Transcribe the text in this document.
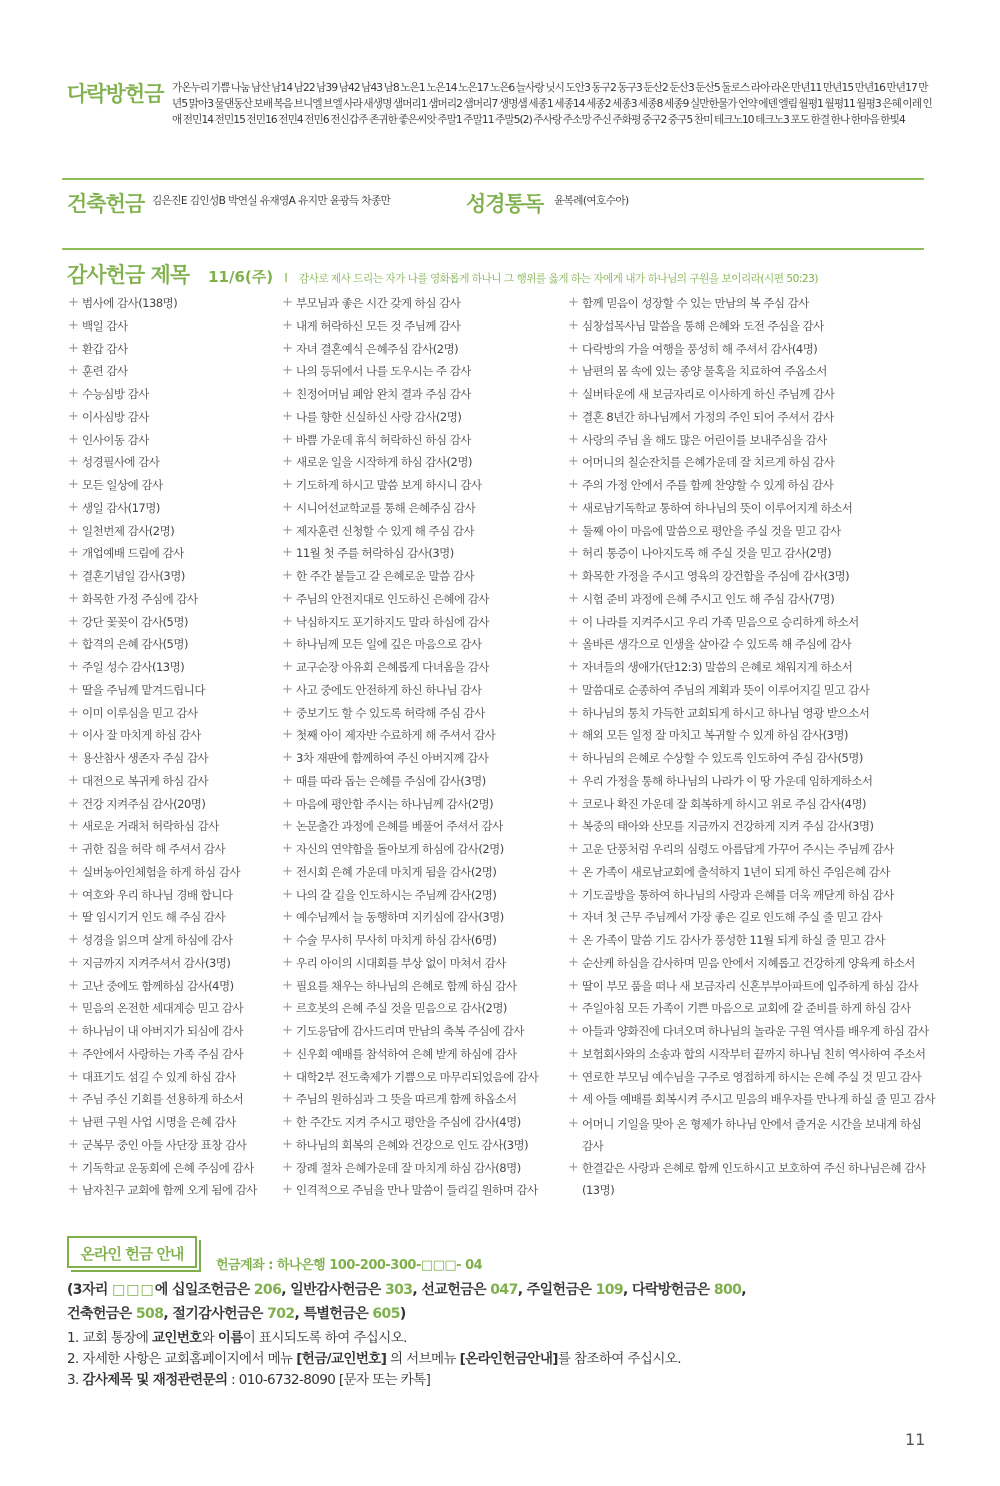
다락방헌금 가온누리 기쁨 나눔 남산 남14 남22 남39 남42 남43 남8 노은1 노은14 노은17 노은6 늘사랑 닛시 도안3 동구2 동구3 둔산2 둔산3 둔산5 둘로스 라아 라온 만년11 만년15 만년16 만년17 만년5 맑아3 물댄동산 보배 복음 브니엘 브엘 사라 새생명 샘머리1 샘머리2 샘머리7 생명샘 세종1 세종14 세종2 세종3 세종8 세종9 실만한물가 언약 에덴 엘림 월평1 월평11 월평3 은혜 이레 인애 전민14 전민15 전민16 전민4 전민6 전신갑주 존귀한 좋은씨앗 주말1 주말11 주말5(2) 주사랑 주소망 주신 주화평 중구2 중구5 찬미 테크노10 테크노3 포도 한결 한나 한마음 한빛4
건축헌금 김은진E 김인성B 박연실 유재영A 유지만 윤광득 차종만	성경통독 윤복례(여호수아)
감사헌금 제목 11/6(주) I 감사로 제사 드리는 자가 나를 영화롭게 하나니 그 행위를 옳게 하는 자에게 내가 하나님의 구원을 보이리라(시편 50:23)
+ 범사에 감사(138명)
+ 백일 감사
+ 환갑 감사
+ 훈련 감사
+ 수능심방 감사
+ 이사심방 감사
+ 인사이동 감사
+ 성경필사에 감사
+ 모든 일상에 감사
+ 생일 감사(17명)
+ 일천번제 감사(2명)
+ 개업예배 드림에 감사
+ 결혼기념일 감사(3명)
+ 화목한 가정 주심에 감사
+ 강단 꽃꽂이 감사(5명)
+ 합격의 은혜 감사(5명)
+ 주일 성수 감사(13명)
+ 딸을 주님께 맡겨드립니다
+ 이미 이루심을 믿고 감사
+ 이사 잘 마치게 하심 감사
+ 용산참사 생존자 주심 감사
+ 대전으로 복귀케 하심 감사
+ 건강 지켜주심 감사(20명)
+ 새로운 거래처 허락하심 감사
+ 귀한 집을 허락 해 주셔서 감사
+ 실버농아인체험을 하게 하심 감사
+ 여호와 우리 하나님 경배 합니다
+ 딸 임시기거 인도 해 주심 감사
+ 성경을 읽으며 살게 하심에 감사
+ 지금까지 지켜주셔서 감사(3명)
+ 고난 중에도 함께하심 감사(4명)
+ 믿음의 온전한 세대계승 믿고 감사
+ 하나님이 내 아버지가 되심에 감사
+ 주안에서 사랑하는 가족 주심 감사
+ 대표기도 섬길 수 있게 하심 감사
+ 주님 주신 기회를 선용하게 하소서
+ 남편 구원 사업 시명을 은혜 감사
+ 군복무 중인 아들 사단장 표창 감사
+ 기독학교 운동회에 은혜 주심에 감사
+ 남자친구 교회에 함께 오게 됨에 감사
+ 부모님과 좋은 시간 갖게 하심 감사
+ 내게 허락하신 모든 것 주님께 감사
+ 자녀 결혼예식 은혜주심 감사(2명)
+ 나의 등뒤에서 나를 도우시는 주 감사
+ 친정어머님 폐암 완치 결과 주심 감사
+ 나를 향한 신실하신 사랑 감사(2명)
+ 바쁨 가운데 휴식 허락하신 하심 감사
+ 새로운 일을 시작하게 하심 감사(2명)
+ 기도하게 하시고 말씀 보게 하시니 감사
+ 시니어선교학교를 통해 은혜주심 감사
+ 제자훈련 신청할 수 있게 해 주심 감사
+ 11월 첫 주를 허락하심 감사(3명)
+ 한 주간 붙들고 갈 은혜로운 말씀 감사
+ 주님의 안전지대로 인도하신 은혜에 감사
+ 낙심하지도 포기하지도 말라 하심에 감사
+ 하나님께 모든 일에 깊은 마음으로 감사
+ 교구순장 아유회 은혜롭게 다녀옴을 감사
+ 사고 중에도 안전하게 하신 하나님 감사
+ 중보기도 할 수 있도록 허락해 주심 감사
+ 첫째 아이 제자반 수료하게 해 주셔서 감사
+ 3차 재판에 함께하여 주신 아버지께 감사
+ 때를 따라 돕는 은혜를 주심에 감사(3명)
+ 마음에 평안함 주시는 하나님께 감사(2명)
+ 논문출간 과정에 은혜를 베풀어 주셔서 감사
+ 자신의 연약함을 돌아보게 하심에 감사(2명)
+ 전시회 은혜 가운데 마치게 됨을 감사(2명)
+ 나의 갈 길을 인도하시는 주님께 감사(2명)
+ 예수님께서 늘 동행하며 지키심에 감사(3명)
+ 수술 무사히 무사히 마치게 하심 감사(6명)
+ 우리 아이의 시대회를 부상 없이 마쳐서 감사
+ 필요를 채우는 하나님의 은혜로 함께 하심 감사
+ 르호봇의 은혜 주실 것을 믿음으로 감사(2명)
+ 기도응답에 감사드리며 만남의 축복 주심에 감사
+ 신우회 예배를 참석하여 은혜 받게 하심에 감사
+ 대학2부 전도축제가 기쁨으로 마무리되었음에 감사
+ 주님의 원하심과 그 뜻을 따르게 함께 하옵소서
+ 한 주간도 지켜 주시고 평안을 주심에 감사(4명)
+ 하나님의 회복의 은혜와 건강으로 인도 감사(3명)
+ 장례 절차 은혜가운데 잘 마치게 하심 감사(8명)
+ 인격적으로 주님을 만나 말씀이 들리길 원하며 감사
+ 함께 믿음이 성장할 수 있는 만남의 복 주심 감사
+ 심창섭목사님 말씀을 통해 은혜와 도전 주심을 감사
+ 다락방의 가을 여행을 풍성히 해 주셔서 감사(4명)
+ 남편의 몸 속에 있는 종양 물혹을 치료하여 주옵소서
+ 실버타운에 새 보금자리로 이사하게 하신 주님께 감사
+ 결혼 8년간 하나님께서 가정의 주인 되어 주셔서 감사
+ 사랑의 주님 올 해도 많은 어린이를 보내주심을 감사
+ 어머니의 칠순잔치를 은혜가운데 잘 치르게 하심 감사
+ 주의 가정 안에서 주를 함께 찬양할 수 있게 하심 감사
+ 새로남기독학교 통하여 하나님의 뜻이 이루어지게 하소서
+ 둘째 아이 마음에 말씀으로 평안을 주실 것을 믿고 감사
+ 허리 통증이 나아지도록 해 주실 것을 믿고 감사(2명)
+ 화목한 가정을 주시고 영육의 강건함을 주심에 감사(3명)
+ 시험 준비 과정에 은혜 주시고 인도 해 주심 감사(7명)
+ 이 나라를 지켜주시고 우리 가족 믿음으로 승리하게 하소서
+ 올바른 생각으로 인생을 살아갈 수 있도록 해 주심에 감사
+ 자녀들의 생애가(단12:3) 말씀의 은혜로 채워지게 하소서
+ 말씀대로 순종하여 주님의 계획과 뜻이 이루어지길 믿고 감사
+ 하나님의 통치 가득한 교회되게 하시고 하나님 영광 받으소서
+ 해외 모든 일정 잘 마치고 복귀할 수 있게 하심 감사(3명)
+ 하나님의 은혜로 수상할 수 있도록 인도하여 주심 감사(5명)
+ 우리 가정을 통해 하나님의 나라가 이 땅 가운데 임하게하소서
+ 코로나 확진 가운데 잘 회복하게 하시고 위로 주심 감사(4명)
+ 복중의 태아와 산모를 지금까지 건강하게 지켜 주심 감사(3명)
+ 고운 단풍처럼 우리의 심령도 아름답게 가꾸어 주시는 주님께 감사
+ 온 가족이 새로남교회에 출석하지 1년이 되게 하신 주임은혜 감사
+ 기도골방을 통하여 하나님의 사랑과 은혜를 더욱 깨닫게 하심 감사
+ 자녀 첫 근무 주님께서 가장 좋은 길로 인도해 주실 줄 믿고 감사
+ 온 가족이 말씀 기도 감사가 풍성한 11월 되게 하실 줄 믿고 감사
+ 순산케 하심을 감사하며 믿음 안에서 지혜롭고 건강하게 양육케 하소서
+ 딸이 부모 품을 떠나 새 보금자리 신혼부부아파트에 입주하게 하심 감사
+ 주일아침 모든 가족이 기쁜 마음으로 교회에 갈 준비를 하게 하심 감사
+ 아들과 양화진에 다녀오며 하나님의 놀라운 구원 역사를 배우게 하심 감사
+ 보험회사와의 소송과 합의 시작부터 끝까지 하나님 친히 역사하여 주소서
+ 연로한 부모님 예수님을 구주로 영접하게 하시는 은혜 주실 것 믿고 감사
+ 세 아들 예배를 회복시켜 주시고 믿음의 배우자를 만나게 하실 줄 믿고 감사
+ 어머니 기일을 맞아 온 형제가 하나님 안에서 즐거운 시간을 보내게 하심 감사
+ 한결같은 사랑과 은혜로 함께 인도하시고 보호하여 주신 하나님은혜 감사(13명)
온라인 헌금 안내
헌금계좌 : 하나은행 100-200-300-□□□- 04
(3자리 □□□에 십일조헌금은 206, 일반감사헌금은 303, 선교헌금은 047, 주일헌금은 109, 다락방헌금은 800,
건축헌금은 508, 절기감사헌금은 702, 특별헌금은 605)
1. 교회 통장에 교인번호와 이름이 표시되도록 하여 주십시오.
2. 자세한 사항은 교회홈페이지에서 메뉴 [헌금/교인번호] 의 서브메뉴 [온라인헌금안내]를 참조하여 주십시오.
3. 감사제목 및 재정관련문의 : 010-6732-8090 [문자 또는 카톡]
11
